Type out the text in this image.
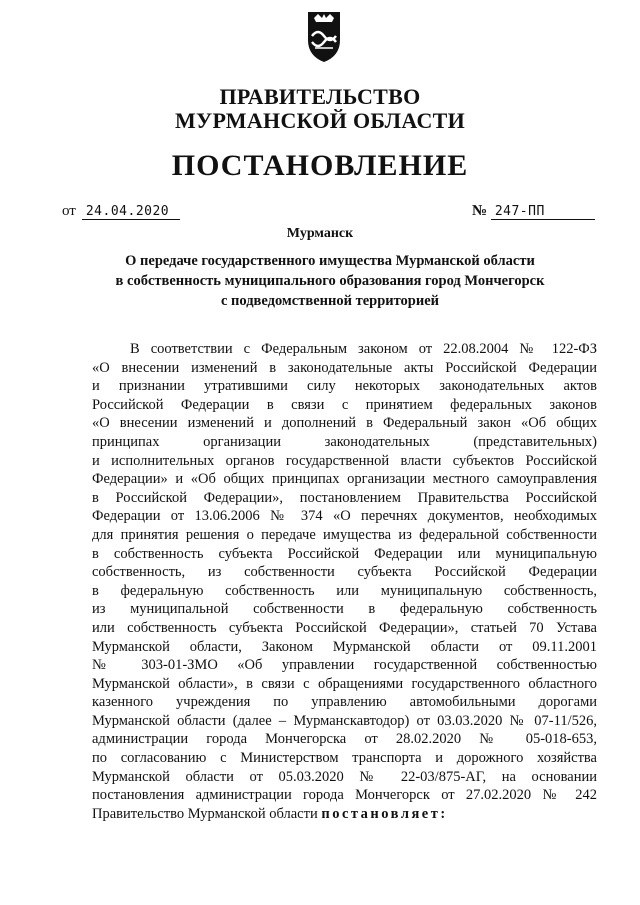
ПРАВИТЕЛЬСТВО
МУРМАНСКОЙ ОБЛАСТИ
ПОСТАНОВЛЕНИЕ
от 24.04.2020	№ 247-ПП
Мурманск
О передаче государственного имущества Мурманской области
в собственность муниципального образования город Мончегорск
с подведомственной территорией
В соответствии с Федеральным законом от 22.08.2004 № 122-ФЗ
«О внесении изменений в законодательные акты Российской Федерации
и признании утратившими силу некоторых законодательных актов
Российской Федерации в связи с принятием федеральных законов
«О внесении изменений и дополнений в Федеральный закон «Об общих
принципах организации законодательных (представительных)
и исполнительных органов государственной власти субъектов Российской
Федерации» и «Об общих принципах организации местного самоуправления
в Российской Федерации», постановлением Правительства Российской
Федерации от 13.06.2006 № 374 «О перечнях документов, необходимых
для принятия решения о передаче имущества из федеральной собственности
в собственность субъекта Российской Федерации или муниципальную
собственность, из собственности субъекта Российской Федерации
в федеральную собственность или муниципальную собственность,
из муниципальной собственности в федеральную собственность
или собственность субъекта Российской Федерации», статьей 70 Устава
Мурманской области, Законом Мурманской области от 09.11.2001
№ 303-01-ЗМО «Об управлении государственной собственностью
Мурманской области», в связи с обращениями государственного областного
казенного учреждения по управлению автомобильными дорогами
Мурманской области (далее – Мурманскавтодор) от 03.03.2020 № 07-11/526,
администрации города Мончегорска от 28.02.2020 № 05-018-653,
по согласованию с Министерством транспорта и дорожного хозяйства
Мурманской области от 05.03.2020 № 22-03/875-АГ, на основании
постановления администрации города Мончегорск от 27.02.2020 № 242
Правительство Мурманской области постановляет:
